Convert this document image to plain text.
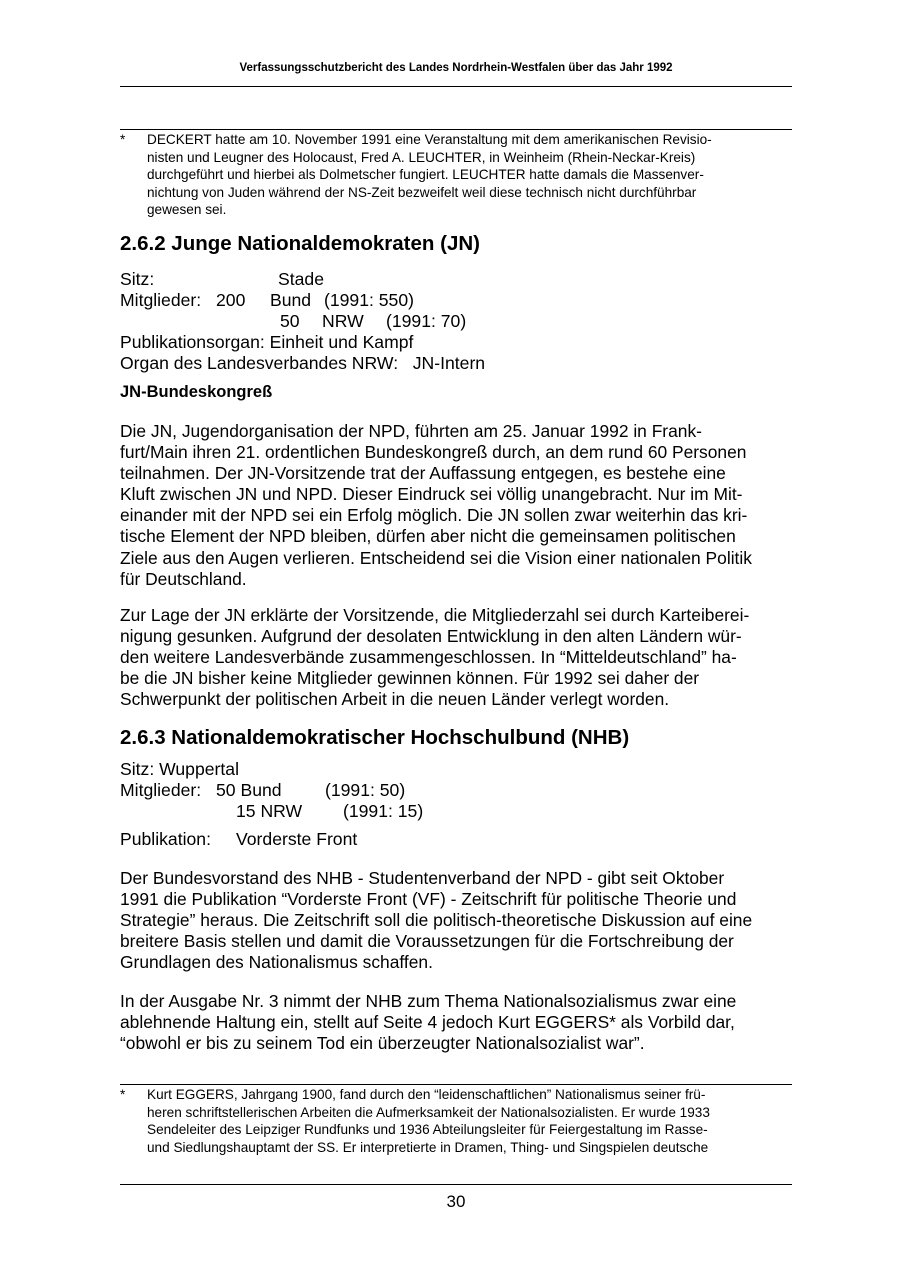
Verfassungsschutzbericht des Landes Nordrhein-Westfalen über das Jahr 1992
* DECKERT hatte am 10. November 1991 eine Veranstaltung mit dem amerikanischen Revisio-
nisten und Leugner des Holocaust, Fred A. LEUCHTER, in Weinheim (Rhein-Neckar-Kreis)
durchgeführt und hierbei als Dolmetscher fungiert. LEUCHTER hatte damals die Massenver-
nichtung von Juden während der NS-Zeit bezweifelt weil diese technisch nicht durchführbar
gewesen sei.
2.6.2 Junge Nationaldemokraten (JN)
Sitz:	Stade
Mitglieder: 200 Bund (1991: 550)
50 NRW (1991: 70)
Publikationsorgan: Einheit und Kampf
Organ des Landesverbandes NRW:   JN-Intern
JN-Bundeskongreß
Die JN, Jugendorganisation der NPD, führten am 25. Januar 1992 in Frank-
furt/Main ihren 21. ordentlichen Bundeskongreß durch, an dem rund 60 Personen
teilnahmen. Der JN-Vorsitzende trat der Auffassung entgegen, es bestehe eine
Kluft zwischen JN und NPD. Dieser Eindruck sei völlig unangebracht. Nur im Mit-
einander mit der NPD sei ein Erfolg möglich. Die JN sollen zwar weiterhin das kri-
tische Element der NPD bleiben, dürfen aber nicht die gemeinsamen politischen
Ziele aus den Augen verlieren. Entscheidend sei die Vision einer nationalen Politik
für Deutschland.
Zur Lage der JN erklärte der Vorsitzende, die Mitgliederzahl sei durch Karteiberei-
nigung gesunken. Aufgrund der desolaten Entwicklung in den alten Ländern wür-
den weitere Landesverbände zusammengeschlossen. In “Mitteldeutschland” ha-
be die JN bisher keine Mitglieder gewinnen können. Für 1992 sei daher der
Schwerpunkt der politischen Arbeit in die neuen Länder verlegt worden.
2.6.3 Nationaldemokratischer Hochschulbund (NHB)
Sitz: Wuppertal
Mitglieder: 50 Bund (1991: 50)
15 NRW (1991: 15)
Publikation: Vorderste Front
Der Bundesvorstand des NHB - Studentenverband der NPD - gibt seit Oktober
1991 die Publikation “Vorderste Front (VF) - Zeitschrift für politische Theorie und
Strategie” heraus. Die Zeitschrift soll die politisch-theoretische Diskussion auf eine
breitere Basis stellen und damit die Voraussetzungen für die Fortschreibung der
Grundlagen des Nationalismus schaffen.
In der Ausgabe Nr. 3 nimmt der NHB zum Thema Nationalsozialismus zwar eine
ablehnende Haltung ein, stellt auf Seite 4 jedoch Kurt EGGERS* als Vorbild dar,
“obwohl er bis zu seinem Tod ein überzeugter Nationalsozialist war”.
* Kurt EGGERS, Jahrgang 1900, fand durch den “leidenschaftlichen” Nationalismus seiner frü-
heren schriftstellerischen Arbeiten die Aufmerksamkeit der Nationalsozialisten. Er wurde 1933
Sendeleiter des Leipziger Rundfunks und 1936 Abteilungsleiter für Feiergestaltung im Rasse-
und Siedlungshauptamt der SS. Er interpretierte in Dramen, Thing- und Singspielen deutsche
30
